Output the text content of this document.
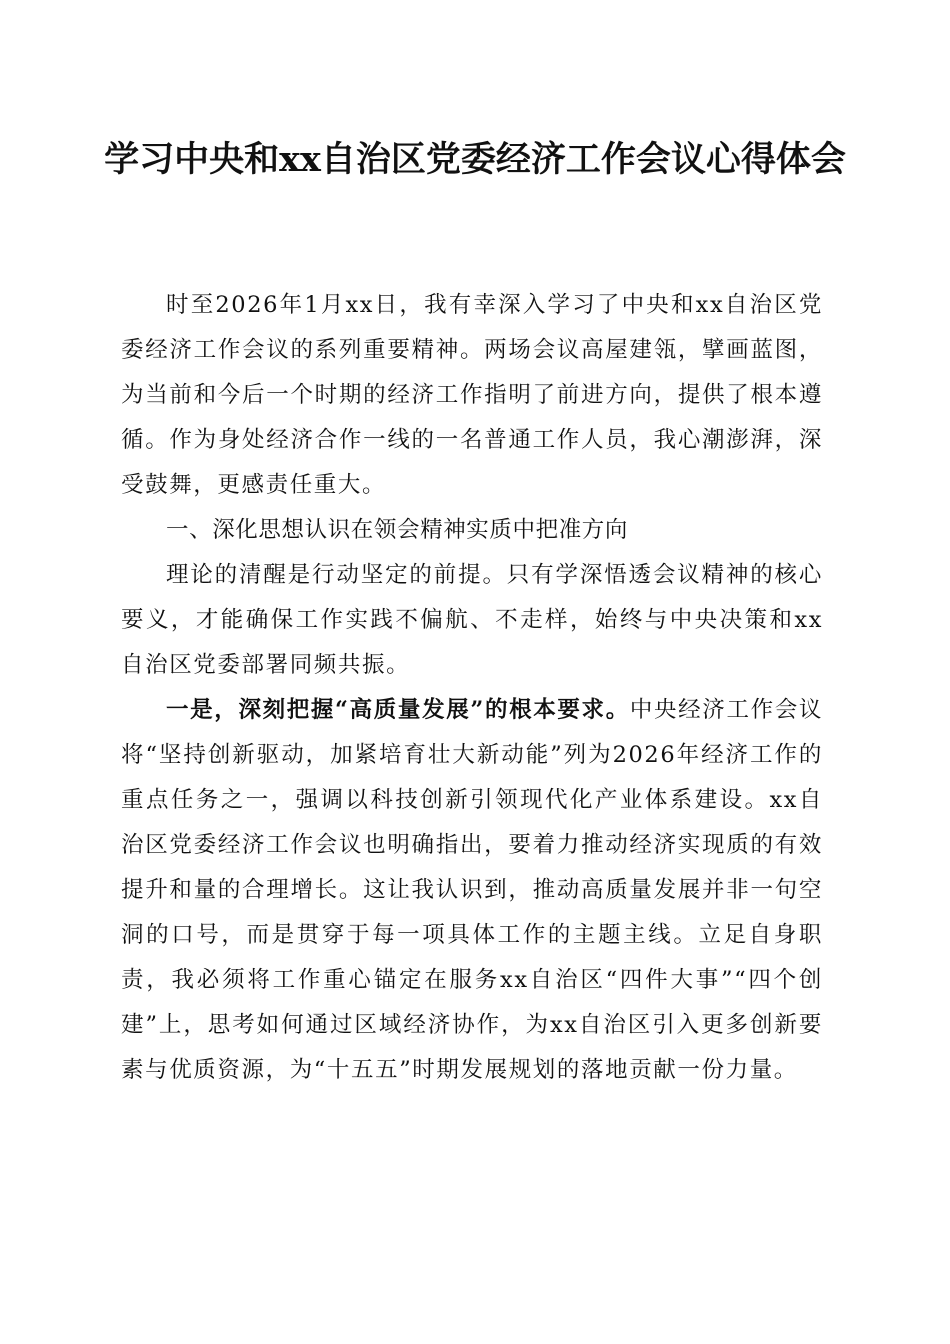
学习中央和xx自治区党委经济工作会议心得体会

时至2026年1月xx日，我有幸深入学习了中央和xx自治区党委经济工作会议的系列重要精神。两场会议高屋建瓴，擘画蓝图，为当前和今后一个时期的经济工作指明了前进方向，提供了根本遵循。作为身处经济合作一线的一名普通工作人员，我心潮澎湃，深受鼓舞，更感责任重大。

一、深化思想认识在领会精神实质中把准方向

理论的清醒是行动坚定的前提。只有学深悟透会议精神的核心要义，才能确保工作实践不偏航、不走样，始终与中央决策和xx自治区党委部署同频共振。

一是，深刻把握“高质量发展”的根本要求。中央经济工作会议将“坚持创新驱动，加紧培育壮大新动能”列为2026年经济工作的重点任务之一，强调以科技创新引领现代化产业体系建设。xx自治区党委经济工作会议也明确指出，要着力推动经济实现质的有效提升和量的合理增长。这让我认识到，推动高质量发展并非一句空洞的口号，而是贯穿于每一项具体工作的主题主线。立足自身职责，我必须将工作重心锚定在服务xx自治区“四件大事”“四个创建”上，思考如何通过区域经济协作，为xx自治区引入更多创新要素与优质资源，为“十五五”时期发展规划的落地贡献一份力量。
